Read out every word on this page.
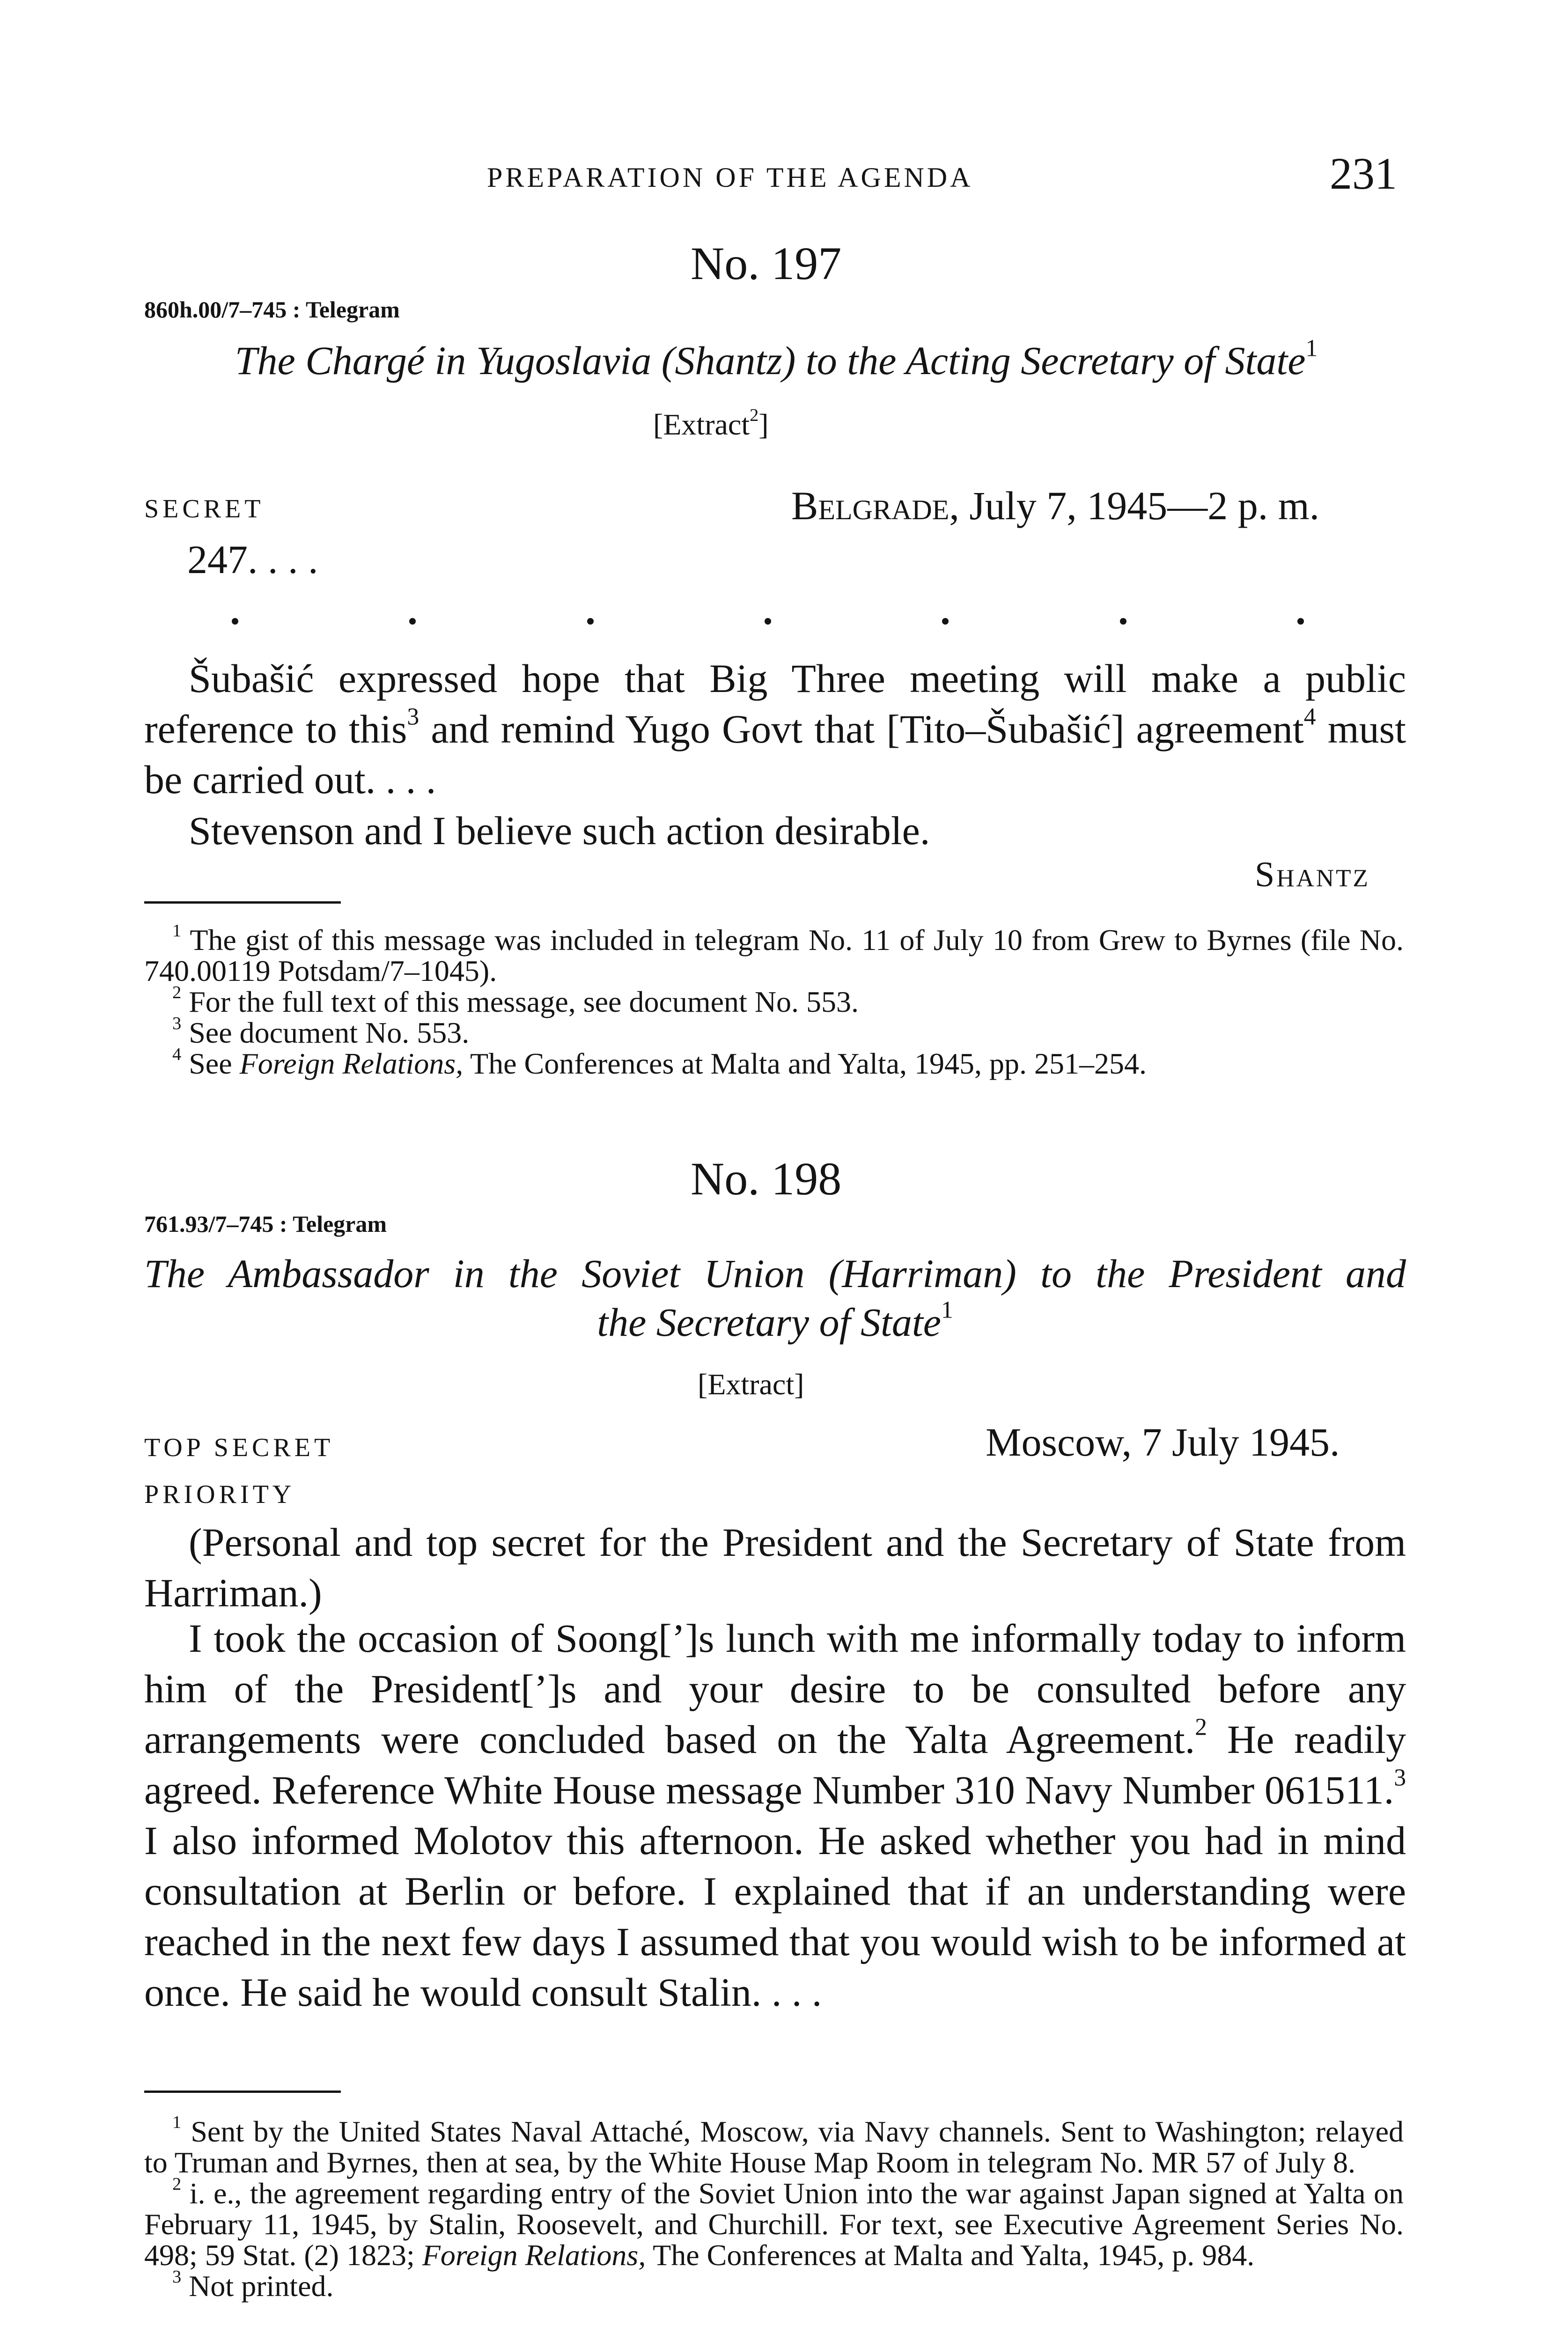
PREPARATION OF THE AGENDA	231
No. 197
860h.00/7–745 : Telegram
The Chargé in Yugoslavia (Shantz) to the Acting Secretary of State$^1$
[Extract$^2$]
SECRET	Belgrade, July 7, 1945—2 p. m.
247. . . .

Šubašić expressed hope that Big Three meeting will make a public reference to this$^3$ and remind Yugo Govt that [Tito–Šubašić] agreement$^4$ must be carried out. . . .

Stevenson and I believe such action desirable.

Shantz

$^1$ The gist of this message was included in telegram No. 11 of July 10 from Grew to Byrnes (file No. 740.00119 Potsdam/7–1045).

$^2$ For the full text of this message, see document No. 553.

$^3$ See document No. 553.

$^4$ See Foreign Relations, The Conferences at Malta and Yalta, 1945, pp. 251–254.

No. 198
761.93/7–745 : Telegram
The Ambassador in the Soviet Union (Harriman) to the President and
the Secretary of State$^1$
[Extract]
TOP SECRET
PRIORITY
Moscow, 7 July 1945.

(Personal and top secret for the President and the Secretary of State from Harriman.)

I took the occasion of Soong[’]s lunch with me informally today to inform him of the President[’]s and your desire to be consulted before any arrangements were concluded based on the Yalta Agreement.$^2$ He readily agreed. Reference White House message Number 310 Navy Number 061511.$^3$ I also informed Molotov this afternoon. He asked whether you had in mind consultation at Berlin or before. I explained that if an understanding were reached in the next few days I assumed that you would wish to be informed at once. He said he would consult Stalin. . . .

$^1$ Sent by the United States Naval Attaché, Moscow, via Navy channels. Sent to Washington; relayed to Truman and Byrnes, then at sea, by the White House Map Room in telegram No. MR 57 of July 8.

$^2$ i. e., the agreement regarding entry of the Soviet Union into the war against Japan signed at Yalta on February 11, 1945, by Stalin, Roosevelt, and Churchill. For text, see Executive Agreement Series No. 498; 59 Stat. (2) 1823; Foreign Relations, The Conferences at Malta and Yalta, 1945, p. 984.

$^3$ Not printed.
